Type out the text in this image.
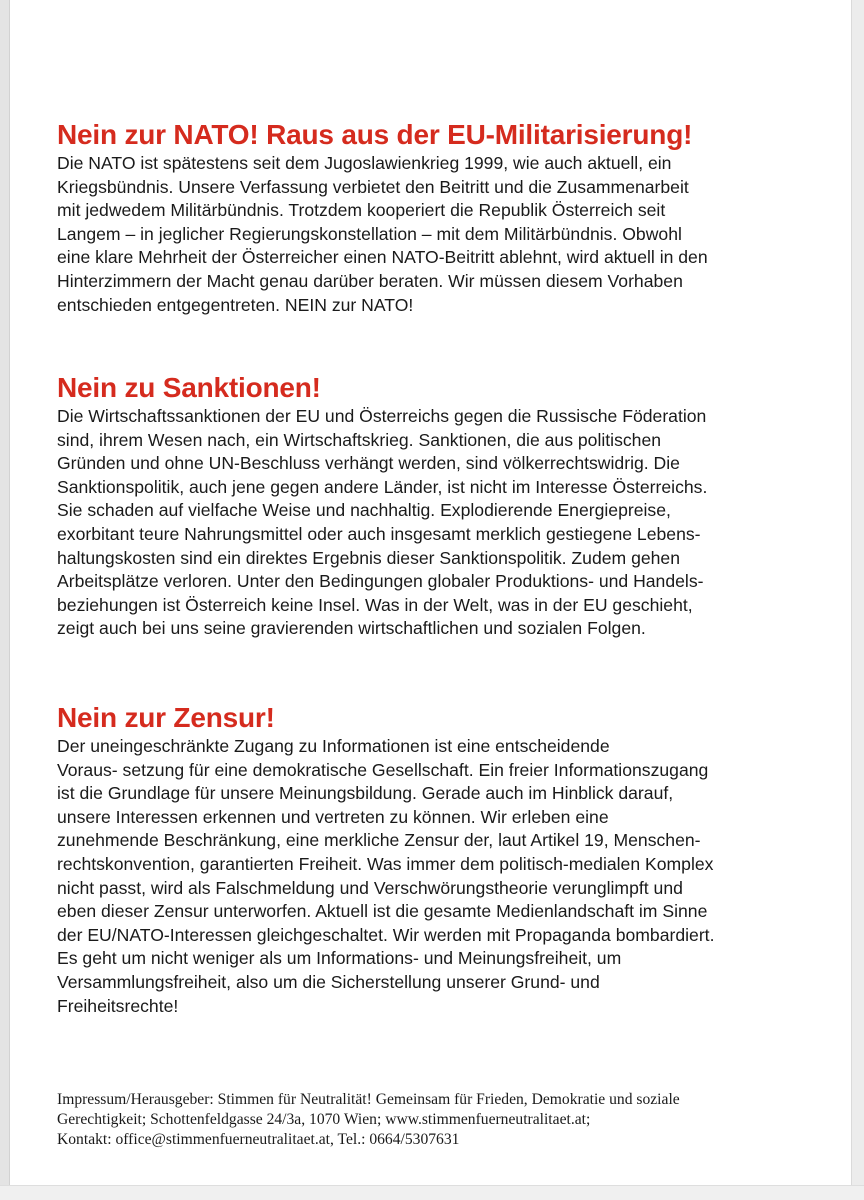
Nein zur NATO! Raus aus der EU-Militarisierung!

Die NATO ist spätestens seit dem Jugoslawienkrieg 1999, wie auch aktuell, ein
Kriegsbündnis. Unsere Verfassung verbietet den Beitritt und die Zusammenarbeit
mit jedwedem Militärbündnis. Trotzdem kooperiert die Republik Österreich seit
Langem – in jeglicher Regierungskonstellation – mit dem Militärbündnis. Obwohl
eine klare Mehrheit der Österreicher einen NATO-Beitritt ablehnt, wird aktuell in den
Hinterzimmern der Macht genau darüber beraten. Wir müssen diesem Vorhaben
entschieden entgegentreten. NEIN zur NATO!

Nein zu Sanktionen!

Die Wirtschaftssanktionen der EU und Österreichs gegen die Russische Föderation
sind, ihrem Wesen nach, ein Wirtschaftskrieg. Sanktionen, die aus politischen
Gründen und ohne UN-Beschluss verhängt werden, sind völkerrechtswidrig. Die
Sanktionspolitik, auch jene gegen andere Länder, ist nicht im Interesse Österreichs.
Sie schaden auf vielfache Weise und nachhaltig. Explodierende Energiepreise,
exorbitant teure Nahrungsmittel oder auch insgesamt merklich gestiegene Lebens-
haltungskosten sind ein direktes Ergebnis dieser Sanktionspolitik. Zudem gehen
Arbeitsplätze verloren. Unter den Bedingungen globaler Produktions- und Handels-
beziehungen ist Österreich keine Insel. Was in der Welt, was in der EU geschieht,
zeigt auch bei uns seine gravierenden wirtschaftlichen und sozialen Folgen.

Nein zur Zensur!

Der uneingeschränkte Zugang zu Informationen ist eine entscheidende
Voraus- setzung für eine demokratische Gesellschaft. Ein freier Informationszugang
ist die Grundlage für unsere Meinungsbildung. Gerade auch im Hinblick darauf,
unsere Interessen erkennen und vertreten zu können. Wir erleben eine
zunehmende Beschränkung, eine merkliche Zensur der, laut Artikel 19, Menschen-
rechtskonvention, garantierten Freiheit. Was immer dem politisch-medialen Komplex
nicht passt, wird als Falschmeldung und Verschwörungstheorie verunglimpft und
eben dieser Zensur unterworfen. Aktuell ist die gesamte Medienlandschaft im Sinne
der EU/NATO-Interessen gleichgeschaltet. Wir werden mit Propaganda bombardiert.
Es geht um nicht weniger als um Informations- und Meinungsfreiheit, um
Versammlungsfreiheit, also um die Sicherstellung unserer Grund- und
Freiheitsrechte!

Impressum/Herausgeber: Stimmen für Neutralität! Gemeinsam für Frieden, Demokratie und soziale
Gerechtigkeit; Schottenfeldgasse 24/3a, 1070 Wien; www.stimmenfuerneutralitaet.at;
Kontakt: office@stimmenfuerneutralitaet.at, Tel.: 0664/5307631
